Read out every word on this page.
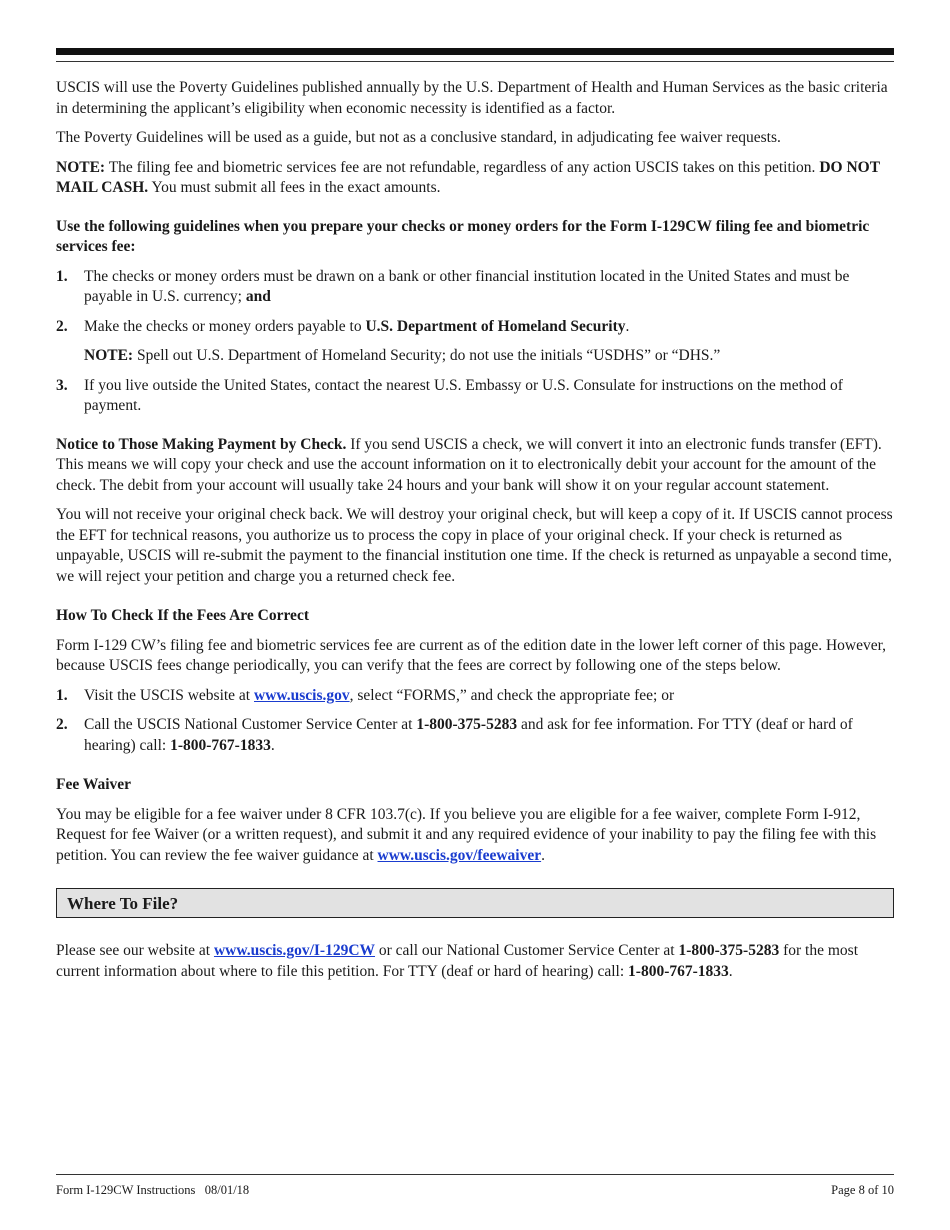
USCIS will use the Poverty Guidelines published annually by the U.S. Department of Health and Human Services as the basic criteria in determining the applicant’s eligibility when economic necessity is identified as a factor.

The Poverty Guidelines will be used as a guide, but not as a conclusive standard, in adjudicating fee waiver requests.

NOTE: The filing fee and biometric services fee are not refundable, regardless of any action USCIS takes on this petition. DO NOT MAIL CASH. You must submit all fees in the exact amounts.

Use the following guidelines when you prepare your checks or money orders for the Form I-129CW filing fee and biometric services fee:

1. The checks or money orders must be drawn on a bank or other financial institution located in the United States and must be payable in U.S. currency; and
2. Make the checks or money orders payable to U.S. Department of Homeland Security.

NOTE: Spell out U.S. Department of Homeland Security; do not use the initials “USDHS” or “DHS.”

3. If you live outside the United States, contact the nearest U.S. Embassy or U.S. Consulate for instructions on the method of payment.

Notice to Those Making Payment by Check. If you send USCIS a check, we will convert it into an electronic funds transfer (EFT). This means we will copy your check and use the account information on it to electronically debit your account for the amount of the check. The debit from your account will usually take 24 hours and your bank will show it on your regular account statement.

You will not receive your original check back. We will destroy your original check, but will keep a copy of it. If USCIS cannot process the EFT for technical reasons, you authorize us to process the copy in place of your original check. If your check is returned as unpayable, USCIS will re-submit the payment to the financial institution one time. If the check is returned as unpayable a second time, we will reject your petition and charge you a returned check fee.

How To Check If the Fees Are Correct

Form I-129 CW’s filing fee and biometric services fee are current as of the edition date in the lower left corner of this page. However, because USCIS fees change periodically, you can verify that the fees are correct by following one of the steps below.

1. Visit the USCIS website at www.uscis.gov, select “FORMS,” and check the appropriate fee; or
2. Call the USCIS National Customer Service Center at 1-800-375-5283 and ask for fee information. For TTY (deaf or hard of hearing) call: 1-800-767-1833.

Fee Waiver

You may be eligible for a fee waiver under 8 CFR 103.7(c). If you believe you are eligible for a fee waiver, complete Form I-912, Request for fee Waiver (or a written request), and submit it and any required evidence of your inability to pay the filing fee with this petition. You can review the fee waiver guidance at www.uscis.gov/feewaiver.

Where To File?

Please see our website at www.uscis.gov/I-129CW or call our National Customer Service Center at 1-800-375-5283 for the most current information about where to file this petition. For TTY (deaf or hard of hearing) call: 1-800-767-1833.

Form I-129CW Instructions   08/01/18	Page 8 of 10
